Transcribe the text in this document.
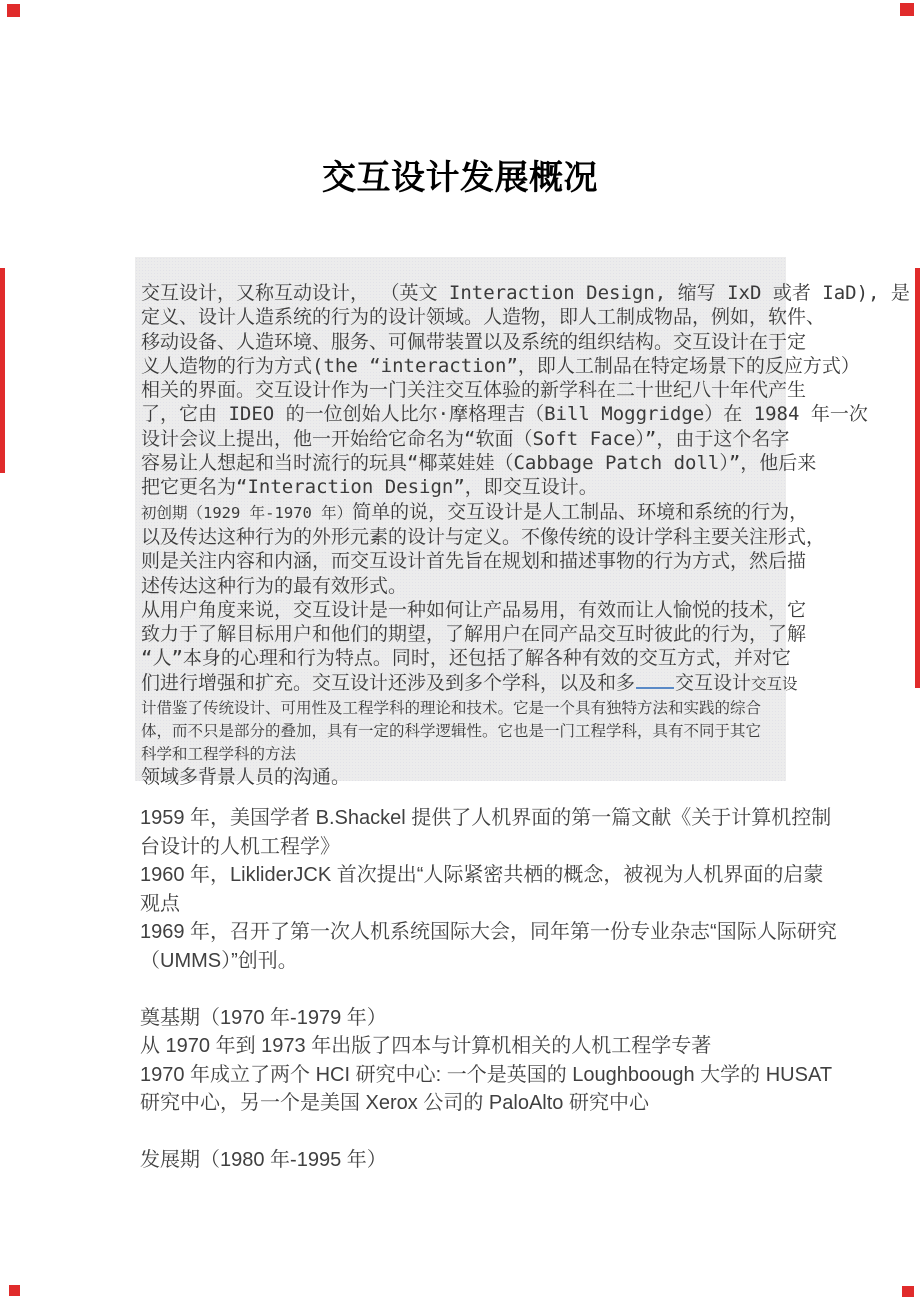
交互设计发展概况
交互设计，又称互动设计， （英文 Interaction Design, 缩写 IxD 或者 IaD), 是
定义、设计人造系统的行为的设计领域。人造物，即人工制成物品，例如，软件、
移动设备、人造环境、服务、可佩带装置以及系统的组织结构。交互设计在于定
义人造物的行为方式(the “interaction”，即人工制品在特定场景下的反应方式）
相关的界面。交互设计作为一门关注交互体验的新学科在二十世纪八十年代产生
了，它由 IDEO 的一位创始人比尔·摩格理吉（Bill Moggridge）在 1984 年一次
设计会议上提出，他一开始给它命名为“软面（Soft Face）”，由于这个名字
容易让人想起和当时流行的玩具“椰菜娃娃（Cabbage Patch doll）”，他后来
把它更名为“Interaction Design”，即交互设计。
初创期（1929 年-1970 年）简单的说，交互设计是人工制品、环境和系统的行为，
以及传达这种行为的外形元素的设计与定义。不像传统的设计学科主要关注形式，
则是关注内容和内涵，而交互设计首先旨在规划和描述事物的行为方式，然后描
述传达这种行为的最有效形式。
从用户角度来说，交互设计是一种如何让产品易用，有效而让人愉悦的技术，它
致力于了解目标用户和他们的期望，了解用户在同产品交互时彼此的行为，了解
“人”本身的心理和行为特点。同时，还包括了解各种有效的交互方式，并对它
们进行增强和扩充。交互设计还涉及到多个学科，以及和多 交互设计交互设
计借鉴了传统设计、可用性及工程学科的理论和技术。它是一个具有独特方法和实践的综合
体，而不只是部分的叠加，具有一定的科学逻辑性。它也是一门工程学科，具有不同于其它
科学和工程学科的方法
领域多背景人员的沟通。
1959 年，美国学者 B.Shackel 提供了人机界面的第一篇文献《关于计算机控制
台设计的人机工程学》
1960 年，LikliderJCK 首次提出“人际紧密共栖的概念，被视为人机界面的启蒙
观点
1969 年，召开了第一次人机系统国际大会，同年第一份专业杂志“国际人际研究
（UMMS）”创刊。
奠基期（1970 年-1979 年）
从 1970 年到 1973 年出版了四本与计算机相关的人机工程学专著
1970 年成立了两个 HCI 研究中心: 一个是英国的 Loughboough 大学的 HUSAT
研究中心，另一个是美国 Xerox 公司的 PaloAlto 研究中心
发展期（1980 年-1995 年）
